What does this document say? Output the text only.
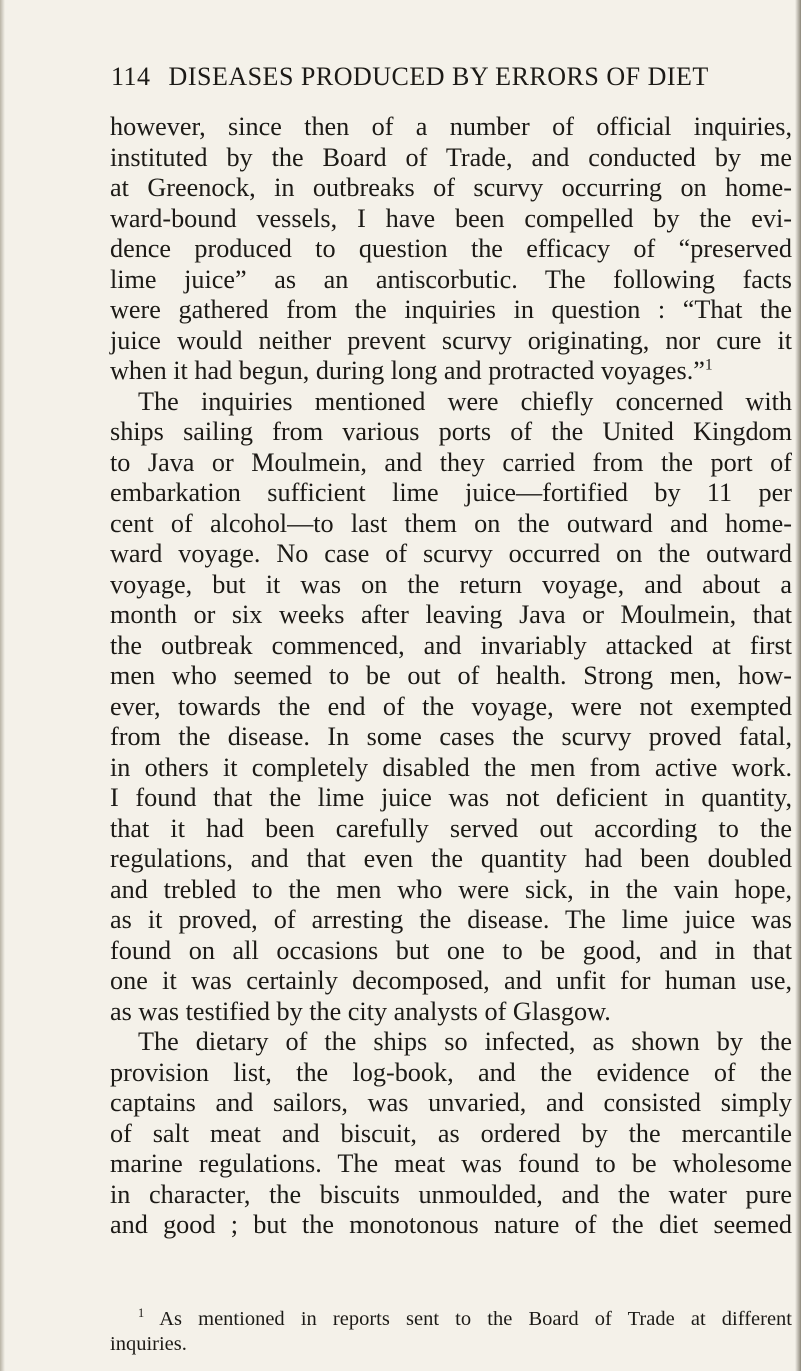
114 DISEASES PRODUCED BY ERRORS OF DIET

however, since then of a number of official inquiries,
instituted by the Board of Trade, and conducted by me
at Greenock, in outbreaks of scurvy occurring on home-
ward-bound vessels, I have been compelled by the evi-
dence produced to question the efficacy of “preserved
lime juice” as an antiscorbutic. The following facts
were gathered from the inquiries in question : “That the
juice would neither prevent scurvy originating, nor cure it
when it had begun, during long and protracted voyages.”$^1$

The inquiries mentioned were chiefly concerned with
ships sailing from various ports of the United Kingdom
to Java or Moulmein, and they carried from the port of
embarkation sufficient lime juice—fortified by 11 per
cent of alcohol—to last them on the outward and home-
ward voyage. No case of scurvy occurred on the outward
voyage, but it was on the return voyage, and about a
month or six weeks after leaving Java or Moulmein, that
the outbreak commenced, and invariably attacked at first
men who seemed to be out of health. Strong men, how-
ever, towards the end of the voyage, were not exempted
from the disease. In some cases the scurvy proved fatal,
in others it completely disabled the men from active work.
I found that the lime juice was not deficient in quantity,
that it had been carefully served out according to the
regulations, and that even the quantity had been doubled
and trebled to the men who were sick, in the vain hope,
as it proved, of arresting the disease. The lime juice was
found on all occasions but one to be good, and in that
one it was certainly decomposed, and unfit for human use,
as was testified by the city analysts of Glasgow.

The dietary of the ships so infected, as shown by the
provision list, the log-book, and the evidence of the
captains and sailors, was unvaried, and consisted simply
of salt meat and biscuit, as ordered by the mercantile
marine regulations. The meat was found to be wholesome
in character, the biscuits unmoulded, and the water pure
and good ; but the monotonous nature of the diet seemed

$^1$ As mentioned in reports sent to the Board of Trade at different
inquiries.
